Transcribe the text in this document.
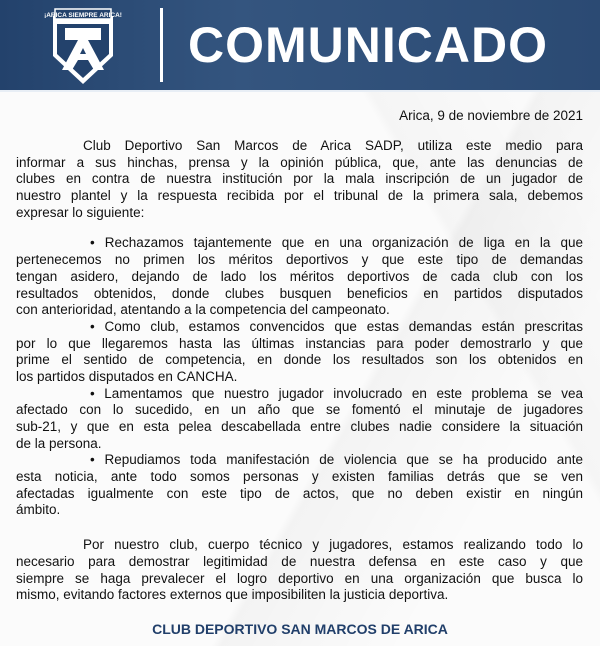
¡ARICA SIEMPRE ARICA!
COMUNICADO
Arica, 9 de noviembre de 2021
Club Deportivo San Marcos de Arica SADP, utiliza este medio para
informar a sus hinchas, prensa y la opinión pública, que, ante las denuncias de
clubes en contra de nuestra institución por la mala inscripción de un jugador de
nuestro plantel y la respuesta recibida por el tribunal de la primera sala, debemos
expresar lo siguiente:
• Rechazamos tajantemente que en una organización de liga en la que
pertenecemos no primen los méritos deportivos y que este tipo de demandas
tengan asidero, dejando de lado los méritos deportivos de cada club con los
resultados obtenidos, donde clubes busquen beneficios en partidos disputados
con anterioridad, atentando a la competencia del campeonato.
• Como club, estamos convencidos que estas demandas están prescritas
por lo que llegaremos hasta las últimas instancias para poder demostrarlo y que
prime el sentido de competencia, en donde los resultados son los obtenidos en
los partidos disputados en CANCHA.
• Lamentamos que nuestro jugador involucrado en este problema se vea
afectado con lo sucedido, en un año que se fomentó el minutaje de jugadores
sub-21, y que en esta pelea descabellada entre clubes nadie considere la situación
de la persona.
• Repudiamos toda manifestación de violencia que se ha producido ante
esta noticia, ante todo somos personas y existen familias detrás que se ven
afectadas igualmente con este tipo de actos, que no deben existir en ningún
ámbito.
Por nuestro club, cuerpo técnico y jugadores, estamos realizando todo lo
necesario para demostrar legitimidad de nuestra defensa en este caso y que
siempre se haga prevalecer el logro deportivo en una organización que busca lo
mismo, evitando factores externos que imposibiliten la justicia deportiva.
CLUB DEPORTIVO SAN MARCOS DE ARICA
